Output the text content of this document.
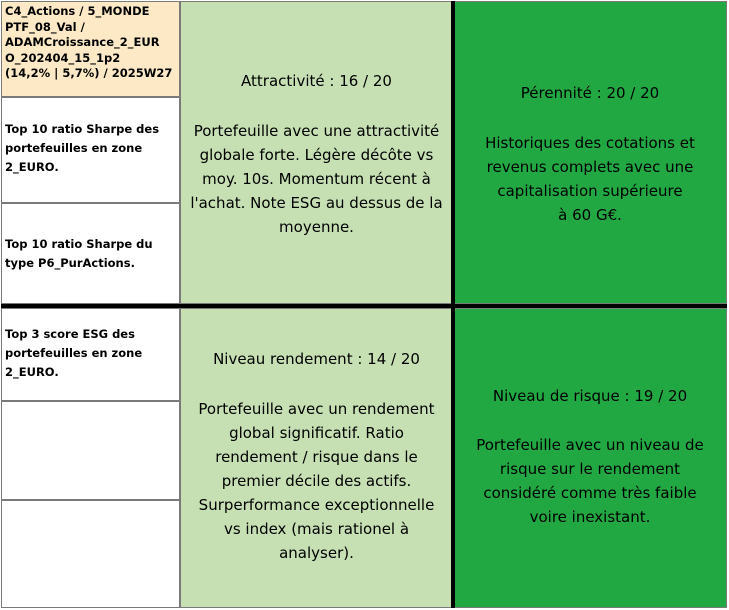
C4_Actions / 5_MONDE
PTF_08_Val /
ADAMCroissance_2_EUR
O_202404_15_1p2
(14,2% | 5,7%) / 2025W27
Top 10 ratio Sharpe des
portefeuilles en zone
2_EURO.
Top 10 ratio Sharpe du
type P6_PurActions.
Top 3 score ESG des
portefeuilles en zone
2_EURO.
Attractivité : 16 / 20
Portefeuille avec une attractivité
globale forte. Légère décôte vs
moy. 10s. Momentum récent à
l'achat. Note ESG au dessus de la
moyenne.
Pérennité : 20 / 20
Historiques des cotations et
revenus complets avec une
capitalisation supérieure
à 60 G€.
Niveau rendement : 14 / 20
Portefeuille avec un rendement
global significatif. Ratio
rendement / risque dans le
premier décile des actifs.
Surperformance exceptionnelle
vs index (mais rationel à
analyser).
Niveau de risque : 19 / 20
Portefeuille avec un niveau de
risque sur le rendement
considéré comme très faible
voire inexistant.
